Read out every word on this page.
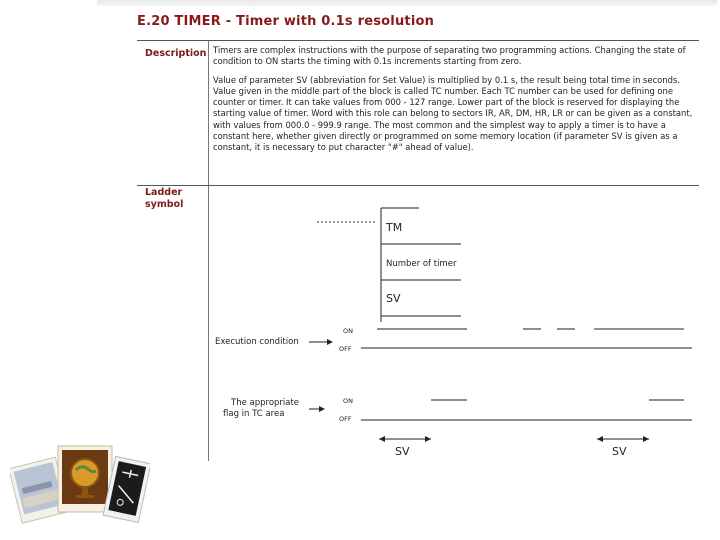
E.20 TIMER - Timer with 0.1s resolution
Description Timers are complex instructions with the purpose of separating two programming actions. Changing the state of condition to ON starts the timing with 0.1s increments starting from zero.

Value of parameter SV (abbreviation for Set Value) is multiplied by 0.1 s, the result being total time in seconds. Value given in the middle part of the block is called TC number. Each TC number can be used for defining one counter or timer. It can take values from 000 - 127 range. Lower part of the block is reserved for displaying the starting value of timer. Word with this role can belong to sectors IR, AR, DM, HR, LR or can be given as a constant, with values from 000.0 - 999.9 range. The most common and the simplest way to apply a timer is to have a constant here, whether given directly or programmed on some memory location (if parameter SV is given as a constant, it is necessary to put character "#" ahead of value).

Ladder
symbol
TM
Number of timer
SV
Execution condition
ON
OFF
The appropriate
flag in TC area
ON
OFF
SV	SV
